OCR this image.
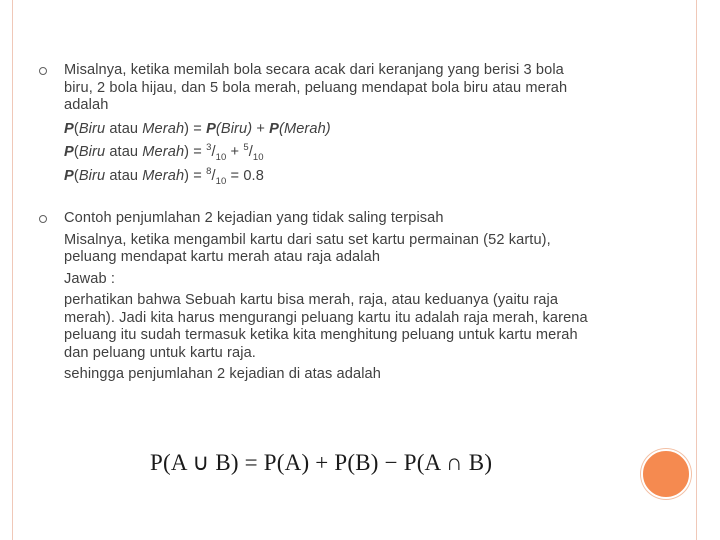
Misalnya, ketika memilah bola secara acak dari keranjang yang berisi 3 bola biru, 2 bola hijau, dan 5 bola merah, peluang mendapat bola biru atau merah adalah

P(Biru atau Merah) = P(Biru) + P(Merah)

P(Biru atau Merah) = $^3/_{10} + ^5/_{10}$

P(Biru atau Merah) = $^8/_{10} = 0.8$

Contoh penjumlahan 2 kejadian yang tidak saling terpisah

Misalnya, ketika mengambil kartu dari satu set kartu permainan (52 kartu), peluang mendapat kartu merah atau raja adalah

Jawab :

perhatikan bahwa Sebuah kartu bisa merah, raja, atau keduanya (yaitu raja merah). Jadi kita harus mengurangi peluang kartu itu adalah raja merah, karena peluang itu sudah termasuk ketika kita menghitung peluang untuk kartu merah dan peluang untuk kartu raja.

sehingga penjumlahan 2 kejadian di atas adalah

P(A ∪ B) = P(A) + P(B) − P(A ∩ B)
